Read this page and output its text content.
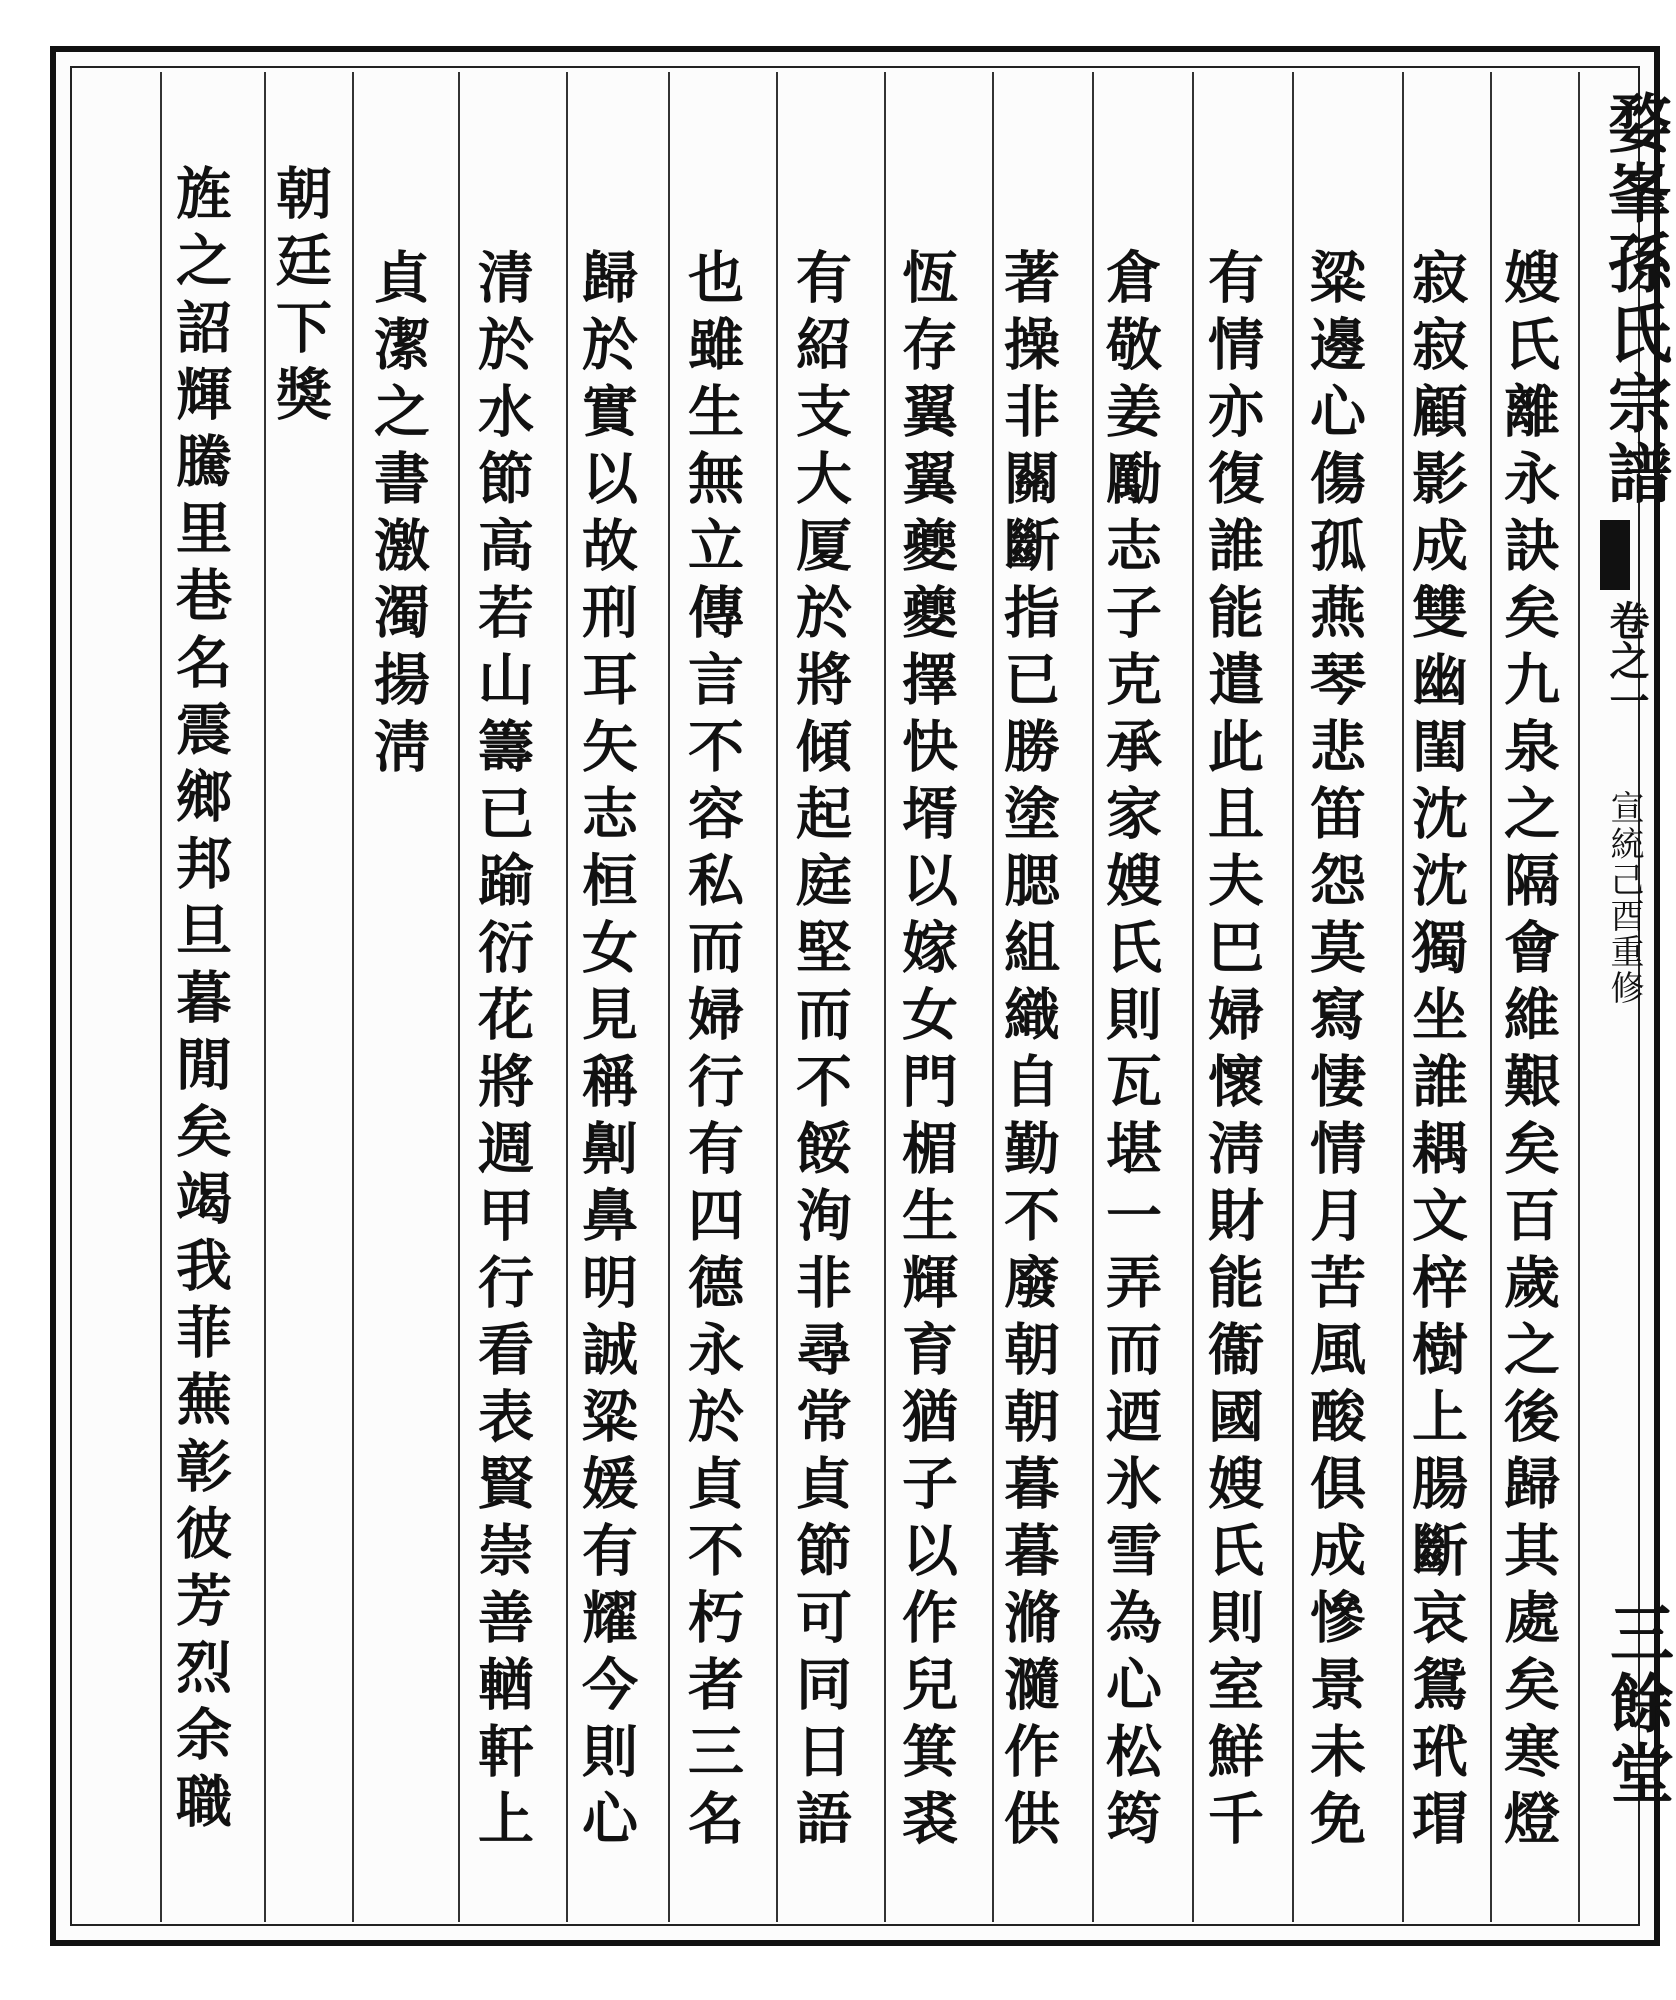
婺峯孫氏宗譜
卷之一
宣統己酉重修
三餘堂
嫂氏離永訣矣九泉之隔會維艱矣百歲之後歸其處矣寒燈
寂寂顧影成雙幽閨沈沈獨坐誰耦文梓樹上腸斷哀鴛玳瑁
粱邊心傷孤燕琴悲笛怨莫寫悽情月苦風酸俱成慘景未免
有情亦復誰能遣此且夫巴婦懷淸財能衞國嫂氏則室鮮千
倉敬姜勵志子克承家嫂氏則瓦堪一弄而迺氷雪為心松筠
著操非關斷指已勝塗腮組織自勤不廢朝朝暮暮滫瀡作供
恆存翼翼夔夔擇快壻以嫁女門楣生輝育猶子以作兒箕裘
有紹支大厦於將傾起庭堅而不餒洵非尋常貞節可同日語
也雖生無立傳言不容私而婦行有四德永於貞不朽者三名
歸於實以故刑耳矢志桓女見稱劓鼻明誠粱媛有耀今則心
清於水節高若山籌已踰衍花將週甲行看表賢崇善輶軒上
貞潔之書激濁揚淸
朝廷下獎
旌之詔輝騰里巷名震鄉邦旦暮閒矣竭我菲蕪彰彼芳烈余職
